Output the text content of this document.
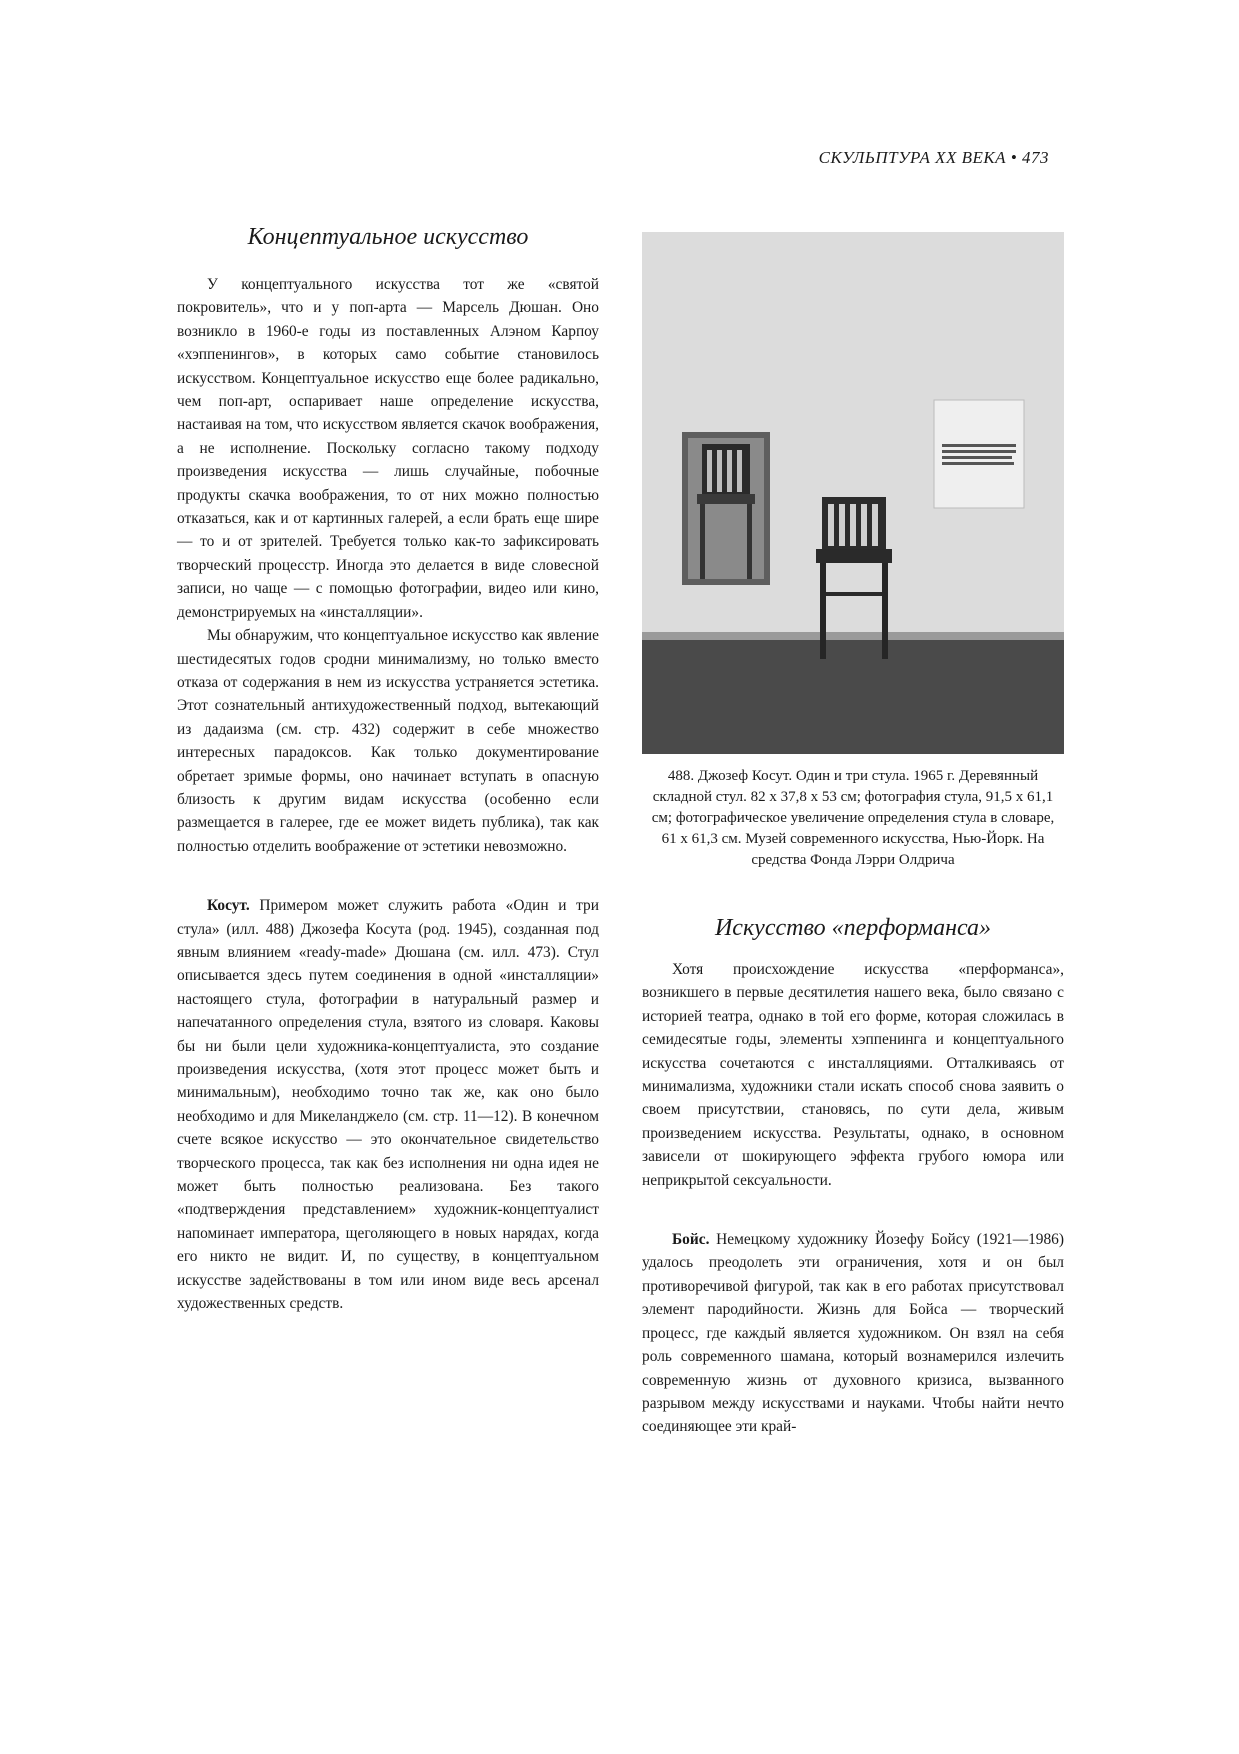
СКУЛЬПТУРА XX ВЕКА • 473
Концептуальное искусство

У концептуального искусства тот же «святой покровитель», что и у поп-арта — Марсель Дюшан. Оно возникло в 1960-е годы из поставленных Алэном Карпоу «хэппенингов», в которых само событие становилось искусством. Концептуальное искусство еще более радикально, чем поп-арт, оспаривает наше определение искусства, настаивая на том, что искусством является скачок воображения, а не исполнение. Поскольку согласно такому подходу произведения искусства — лишь случайные, побочные продукты скачка воображения, то от них можно полностью отказаться, как и от картинных галерей, а если брать еще шире — то и от зрителей. Требуется только как-то зафиксировать творческий процесстр. Иногда это делается в виде словесной записи, но чаще — с помощью фотографии, видео или кино, демонстрируемых на «инсталляции».

Мы обнаружим, что концептуальное искусство как явление шестидесятых годов сродни минимализму, но только вместо отказа от содержания в нем из искусства устраняется эстетика. Этот сознательный антихудожественный подход, вытекающий из дадаизма (см. стр. 432) содержит в себе множество интересных парадоксов. Как только документирование обретает зримые формы, оно начинает вступать в опасную близость к другим видам искусства (особенно если размещается в галерее, где ее может видеть публика), так как полностью отделить воображение от эстетики невозможно.

Косут. Примером может служить работа «Один и три стула» (илл. 488) Джозефа Косута (род. 1945), созданная под явным влиянием «ready-made» Дюшана (см. илл. 473). Стул описывается здесь путем соединения в одной «инсталляции» настоящего стула, фотографии в натуральный размер и напечатанного определения стула, взятого из словаря. Каковы бы ни были цели художника-концептуалиста, это создание произведения искусства, (хотя этот процесс может быть и минимальным), необходимо точно так же, как оно было необходимо и для Микеланджело (см. стр. 11—12). В конечном счете всякое искусство — это окончательное свидетельство творческого процесса, так как без исполнения ни одна идея не может быть полностью реализована. Без такого «подтверждения представлением» художник-концептуалист напоминает императора, щеголяющего в новых нарядах, когда его никто не видит. И, по существу, в концептуальном искусстве задействованы в том или ином виде весь арсенал художественных средств.

488. Джозеф Косут. Один и три стула. 1965 г. Деревянный складной стул. 82 х 37,8 х 53 см; фотография стула, 91,5 х 61,1 см; фотографическое увеличение определения стула в словаре, 61 х 61,3 см. Музей современного искусства, Нью-Йорк. На средства Фонда Лэрри Олдрича
Искусство «перформанса»

Хотя происхождение искусства «перформанса», возникшего в первые десятилетия нашего века, было связано с историей театра, однако в той его форме, которая сложилась в семидесятые годы, элементы хэппенинга и концептуального искусства сочетаются с инсталляциями. Отталкиваясь от минимализма, художники стали искать способ снова заявить о своем присутствии, становясь, по сути дела, живым произведением искусства. Результаты, однако, в основном зависели от шокирующего эффекта грубого юмора или неприкрытой сексуальности.

Бойс. Немецкому художнику Йозефу Бойсу (1921—1986) удалось преодолеть эти ограничения, хотя и он был противоречивой фигурой, так как в его работах присутствовал элемент пародийности. Жизнь для Бойса — творческий процесс, где каждый является художником. Он взял на себя роль современного шамана, который вознамерился излечить современную жизнь от духовного кризиса, вызванного разрывом между искусствами и науками. Чтобы найти нечто соединяющее эти край-
